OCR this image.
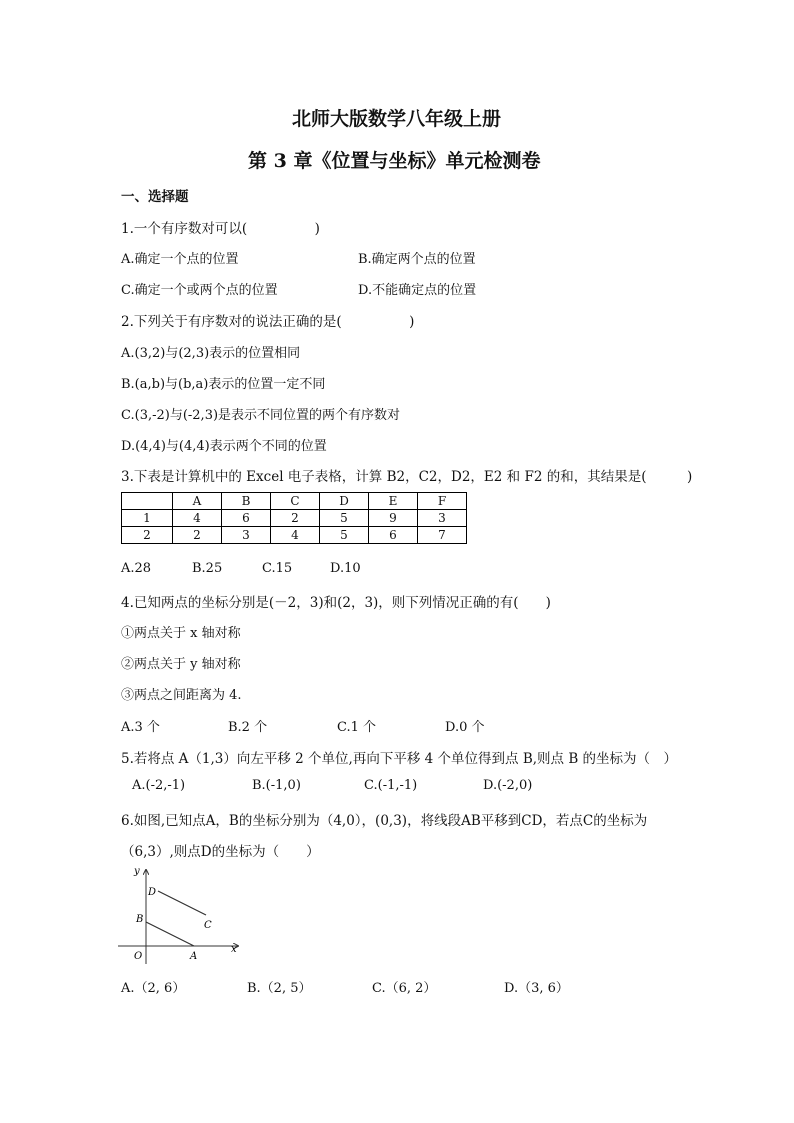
北师大版数学八年级上册
第 3 章《位置与坐标》单元检测卷
一、选择题
1.一个有序数对可以(　　　　　)
A.确定一个点的位置	B.确定两个点的位置
C.确定一个或两个点的位置	D.不能确定点的位置
2.下列关于有序数对的说法正确的是(　　　　　)
A.(3,2)与(2,3)表示的位置相同
B.(a,b)与(b,a)表示的位置一定不同
C.(3,-2)与(-2,3)是表示不同位置的两个有序数对
D.(4,4)与(4,4)表示两个不同的位置
3.下表是计算机中的 Excel 电子表格，计算 B2，C2，D2，E2 和 F2 的和，其结果是(　　　)
	A	B	C	D	E	F
1	4	6	2	5	9	3
2	2	3	4	5	6	7
A.28	B.25	C.15	D.10
4.已知两点的坐标分别是(－2，3)和(2，3)，则下列情况正确的有(　　)
①两点关于 x 轴对称
②两点关于 y 轴对称
③两点之间距离为 4.
A.3 个	B.2 个	C.1 个	D.0 个
5.若将点 A（1,3）向左平移 2 个单位,再向下平移 4 个单位得到点 B,则点 B 的坐标为（　）
A.(-2,-1)	B.(-1,0)	C.(-1,-1)	D.(-2,0)
6.如图,已知点A，B的坐标分别为（4,0），(0,3)，将线段AB平移到CD，若点C的坐标为
（6,3）,则点D的坐标为（　　）
y
x
O	A
B
C
D
A.（2, 6）	B.（2, 5）	C.（6, 2）	D.（3, 6）
